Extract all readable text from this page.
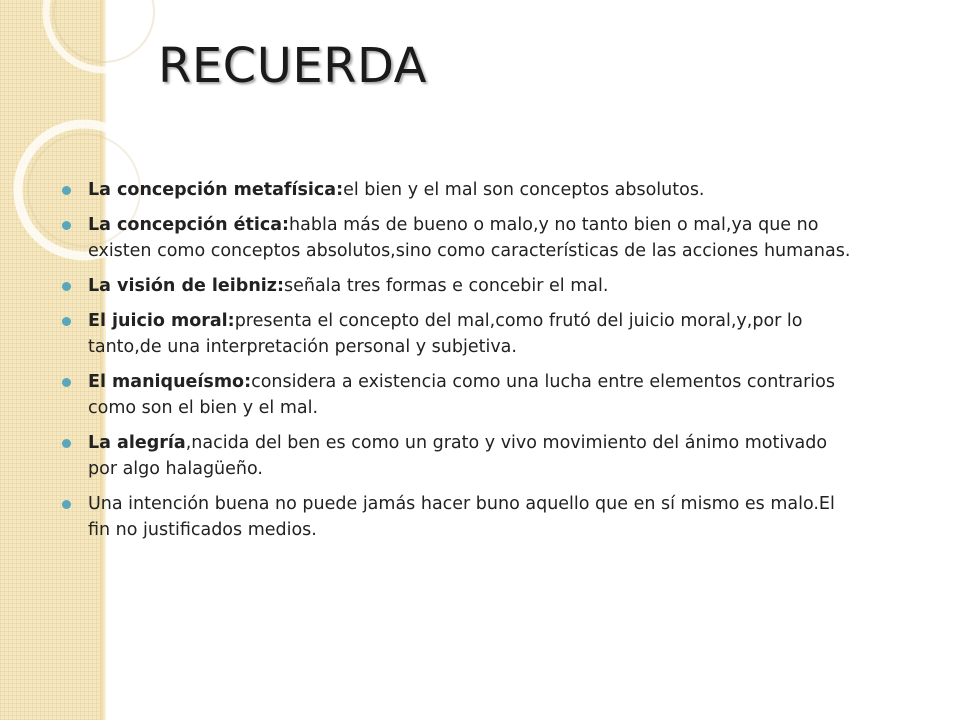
RECUERDA
La concepción metafísica:el bien y el mal son conceptos absolutos.
La concepción ética:habla más de bueno o malo,y no tanto bien o mal,ya que no existen como conceptos absolutos,sino como características de las acciones humanas.
La visión de leibniz:señala tres formas e concebir el mal.
El juicio moral:presenta el concepto del mal,como frutó del juicio moral,y,por lo tanto,de una interpretación personal y subjetiva.
El maniqueísmo:considera a existencia como una lucha entre elementos contrarios como son el bien y el mal.
La alegría,nacida del ben es como un grato y vivo movimiento del ánimo motivado por algo halagüeño.
Una intención buena no puede jamás hacer buno aquello que en sí mismo es malo.El fin no justificados medios.
